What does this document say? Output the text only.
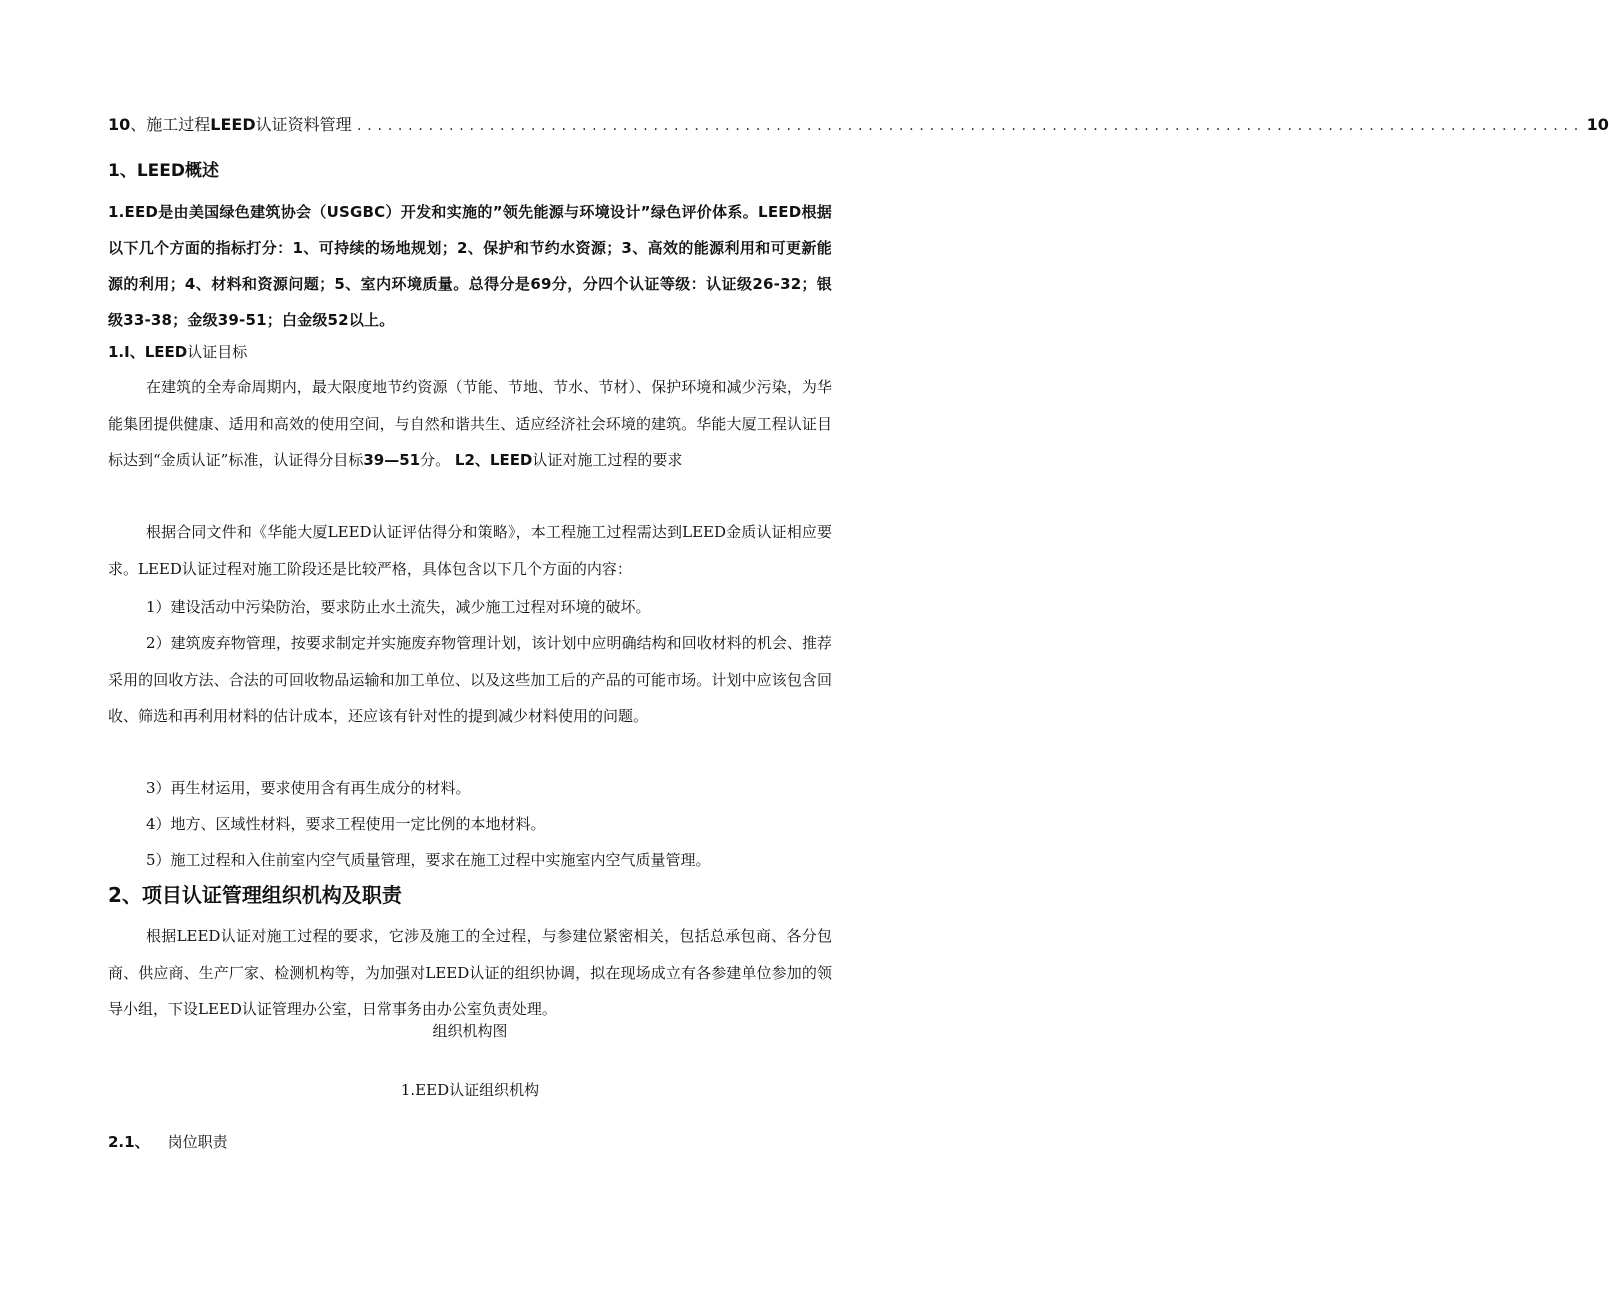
10、施工过程LEED认证资料管理 ........................................................................................................................ 10
1、LEED概述

1.EED是由美国绿色建筑协会（USGBC）开发和实施的”领先能源与环境设计”绿色评价体系。LEED根据以下几个方面的指标打分：1、可持续的场地规划；2、保护和节约水资源；3、高效的能源利用和可更新能源的利用；4、材料和资源问题；5、室内环境质量。总得分是69分，分四个认证等级：认证级26-32；银级33-38；金级39-51；白金级52以上。

1.I、LEED认证目标

在建筑的全寿命周期内，最大限度地节约资源（节能、节地、节水、节材）、保护环境和减少污染，为华能集团提供健康、适用和高效的使用空间，与自然和谐共生、适应经济社会环境的建筑。华能大厦工程认证目标达到“金质认证”标准，认证得分目标39—51分。 L2、LEED认证对施工过程的要求

根据合同文件和《华能大厦LEED认证评估得分和策略》，本工程施工过程需达到LEED金质认证相应要求。LEED认证过程对施工阶段还是比较严格，具体包含以下几个方面的内容：

1）建设活动中污染防治，要求防止水土流失，减少施工过程对环境的破坏。

2）建筑废弃物管理，按要求制定并实施废弃物管理计划，该计划中应明确结构和回收材料的机会、推荐采用的回收方法、合法的可回收物品运输和加工单位、以及这些加工后的产品的可能市场。计划中应该包含回收、筛选和再利用材料的估计成本，还应该有针对性的提到减少材料使用的问题。

3）再生材运用，要求使用含有再生成分的材料。

4）地方、区域性材料，要求工程使用一定比例的本地材料。

5）施工过程和入住前室内空气质量管理，要求在施工过程中实施室内空气质量管理。

2、项目认证管理组织机构及职责

根据LEED认证对施工过程的要求，它涉及施工的全过程，与参建位紧密相关，包括总承包商、各分包商、供应商、生产厂家、检测机构等，为加强对LEED认证的组织协调，拟在现场成立有各参建单位参加的领导小组，下设LEED认证管理办公室，日常事务由办公室负责处理。

组织机构图

1.EED认证组织机构

2.1、 岗位职责
